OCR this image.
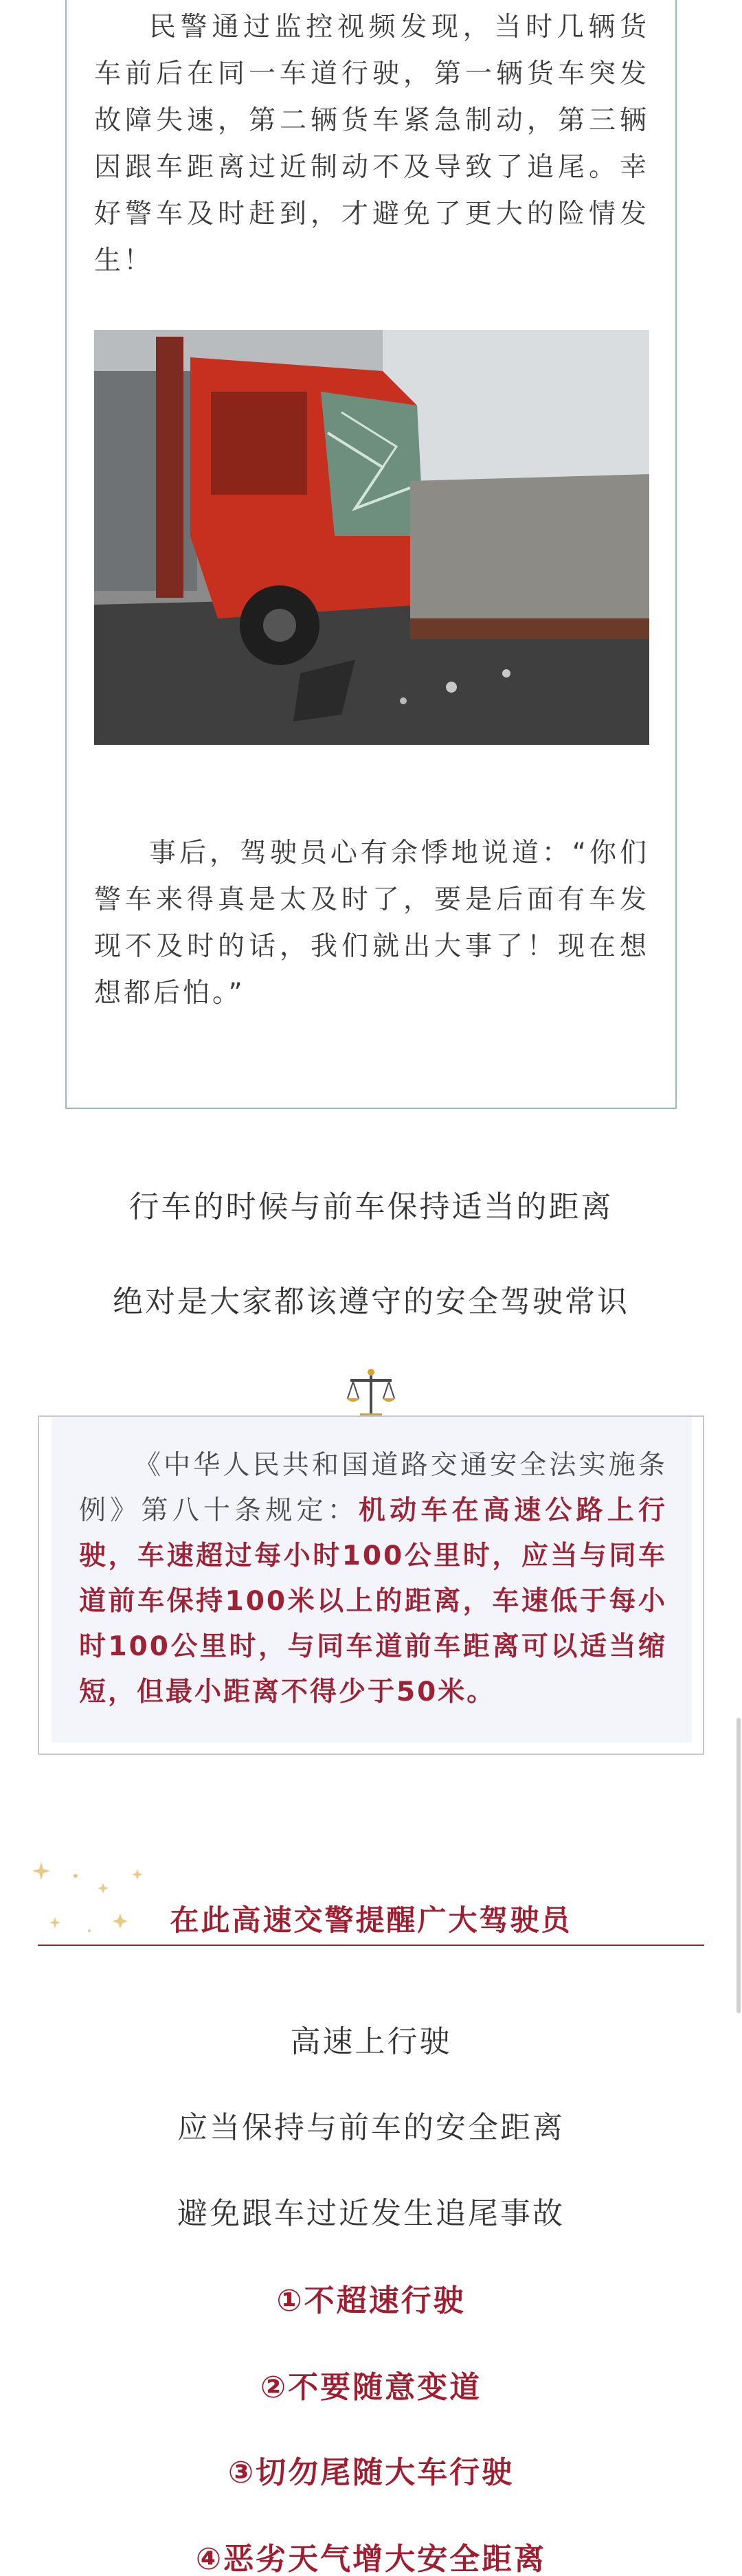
民警通过监控视频发现，当时几辆货车前后在同一车道行驶，第一辆货车突发故障失速，第二辆货车紧急制动，第三辆因跟车距离过近制动不及导致了追尾。幸好警车及时赶到，才避免了更大的险情发生！

事后，驾驶员心有余悸地说道：“你们警车来得真是太及时了，要是后面有车发现不及时的话，我们就出大事了！现在想想都后怕。”

行车的时候与前车保持适当的距离
绝对是大家都该遵守的安全驾驶常识

《中华人民共和国道路交通安全法实施条例》第八十条规定：机动车在高速公路上行驶，车速超过每小时100公里时，应当与同车道前车保持100米以上的距离，车速低于每小时100公里时，与同车道前车距离可以适当缩短，但最小距离不得少于50米。

在此高速交警提醒广大驾驶员
高速上行驶
应当保持与前车的安全距离
避免跟车过近发生追尾事故
①不超速行驶
②不要随意变道
③切勿尾随大车行驶
④恶劣天气增大安全距离
